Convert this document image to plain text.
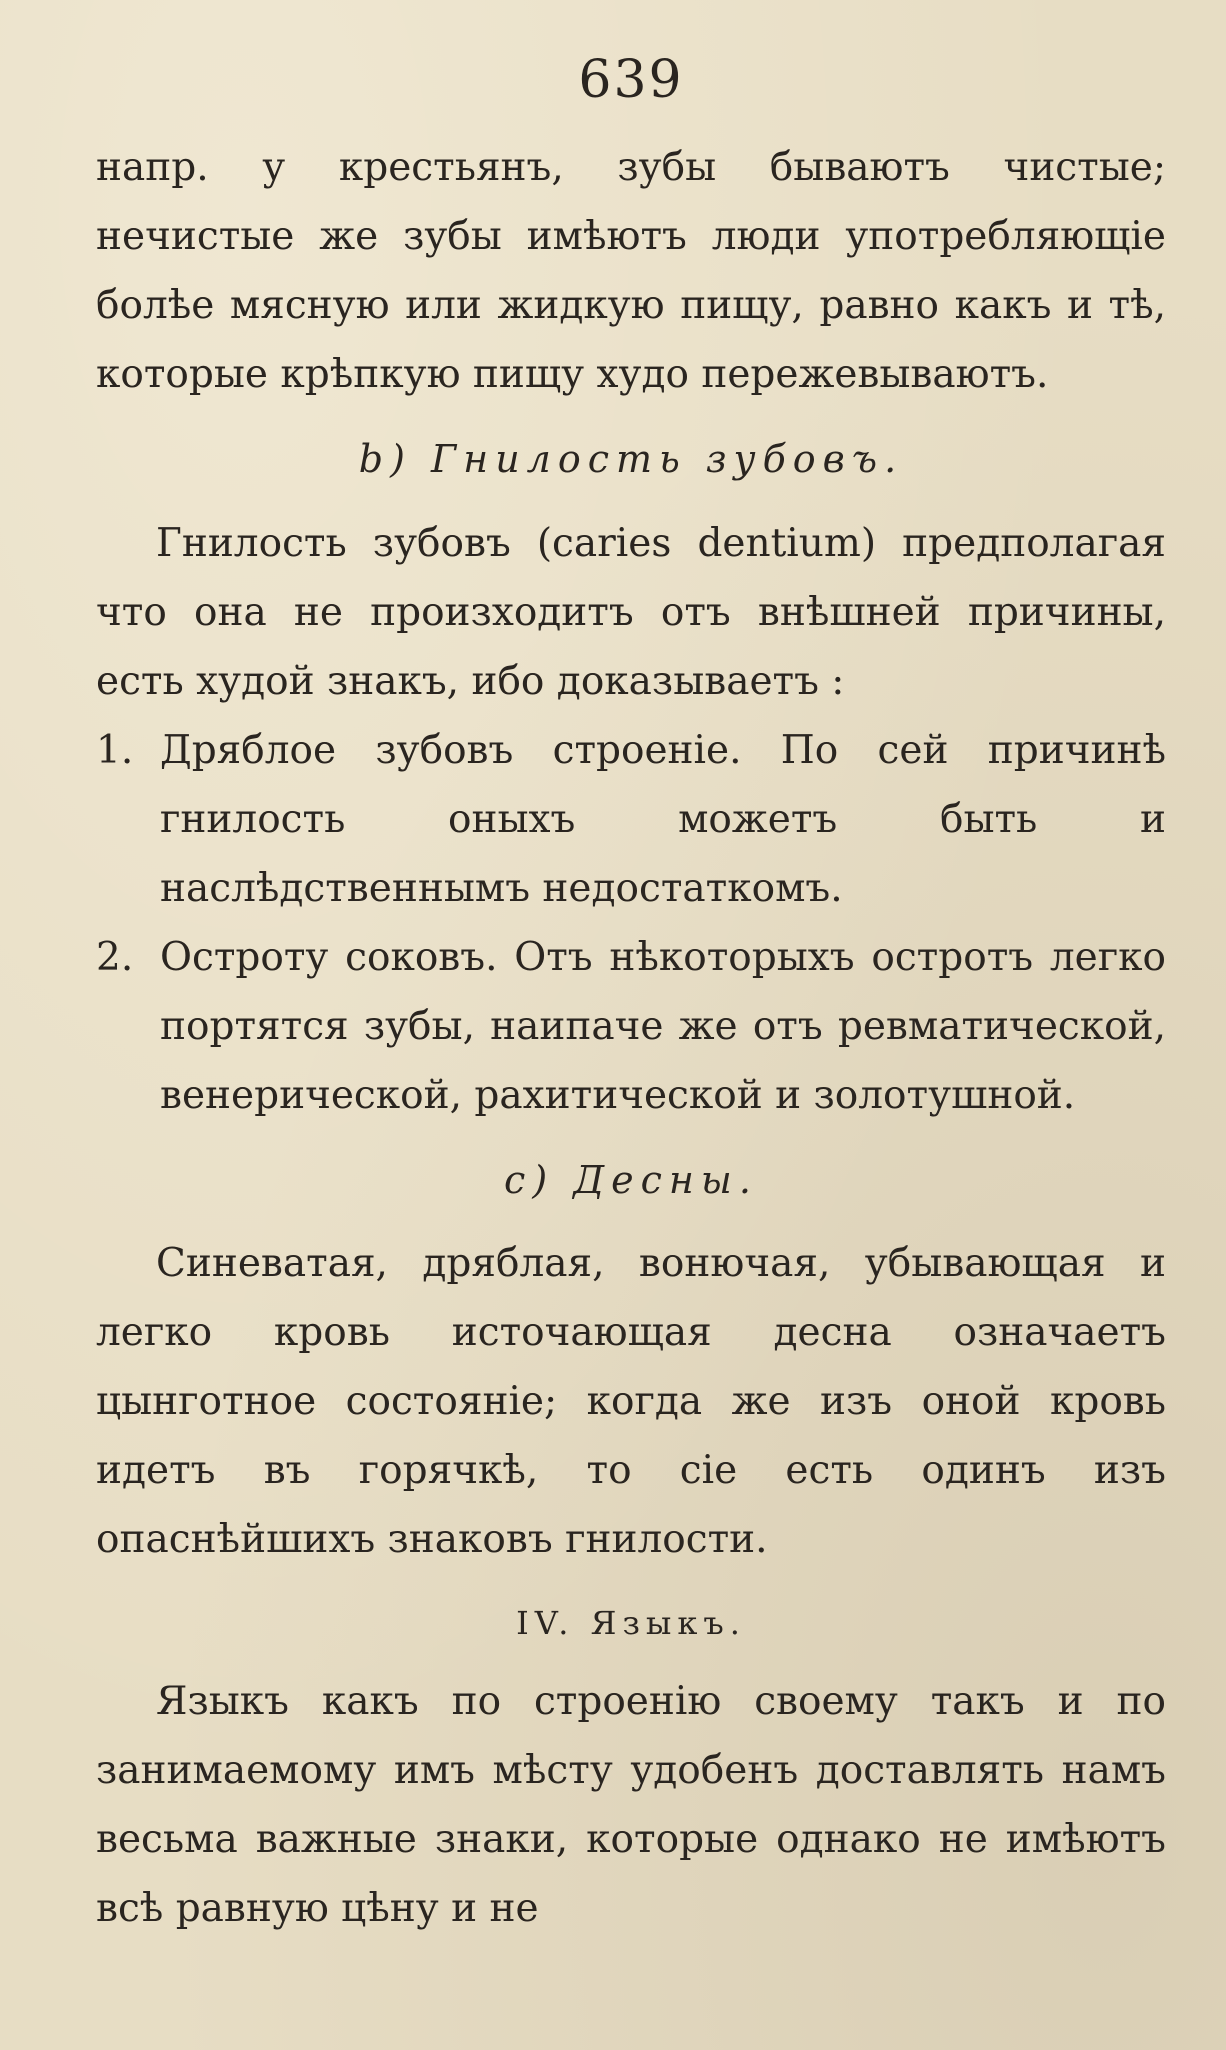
639

напр. у крестьянъ, зубы бываютъ чистые; нечистые же зубы имѣютъ люди употребляющіе болѣе мясную или жидкую пищу, равно какъ и тѣ, которые крѣпкую пищу худо пережевываютъ.

b) Гнилость зубовъ.

Гнилость зубовъ (caries dentium) предполагая что она не произходитъ отъ внѣшней причины, есть худой знакъ, ибо доказываетъ :

1. Дряблое зубовъ строеніе. По сей причинѣ гнилость оныхъ можетъ быть и наслѣдственнымъ недостаткомъ.
2. Остроту соковъ. Отъ нѣкоторыхъ остротъ легко портятся зубы, наипаче же отъ ревматической, венерической, рахитической и золотушной.
c) Десны.

Синеватая, дряблая, вонючая, убывающая и легко кровь источающая десна означаетъ цынготное состояніе; когда же изъ оной кровь идетъ въ горячкѣ, то сіе есть одинъ изъ опаснѣйшихъ знаковъ гнилости.

IV. Языкъ.

Языкъ какъ по строенію своему такъ и по занимаемому имъ мѣсту удобенъ доставлять намъ весьма важные знаки, которые однако не имѣютъ всѣ равную цѣну и не
